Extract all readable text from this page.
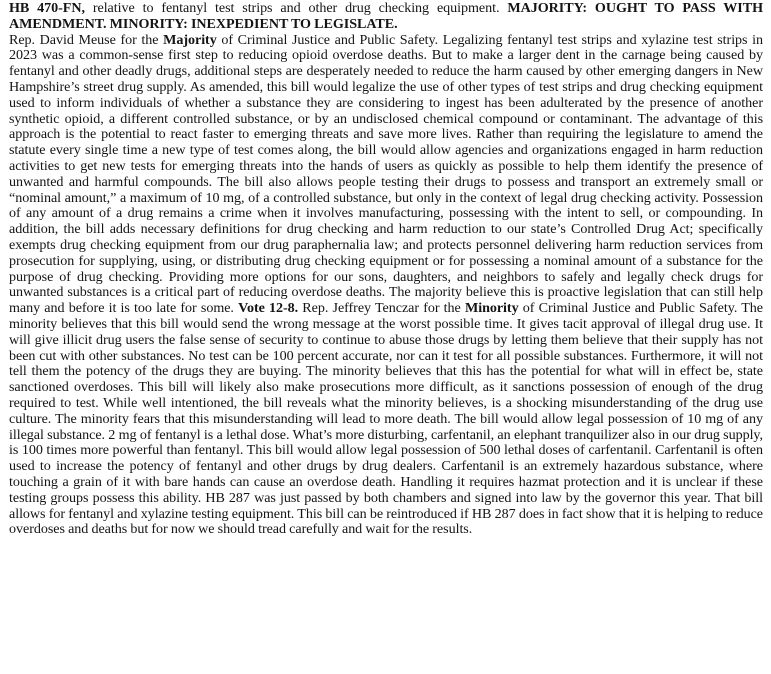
HB 470-FN, relative to fentanyl test strips and other drug checking equipment. MAJORITY: OUGHT TO PASS WITH AMENDMENT. MINORITY: INEXPEDIENT TO LEGISLATE.
Rep. David Meuse for the Majority of Criminal Justice and Public Safety. Legalizing fentanyl test strips and xylazine test strips in 2023 was a common-sense first step to reducing opioid overdose deaths. But to make a larger dent in the carnage being caused by fentanyl and other deadly drugs, additional steps are desperately needed to reduce the harm caused by other emerging dangers in New Hampshire’s street drug supply. As amended, this bill would legalize the use of other types of test strips and drug checking equipment used to inform individuals of whether a substance they are considering to ingest has been adulterated by the presence of another synthetic opioid, a different controlled substance, or by an undisclosed chemical compound or contaminant. The advantage of this approach is the potential to react faster to emerging threats and save more lives. Rather than requiring the legislature to amend the statute every single time a new type of test comes along, the bill would allow agencies and organizations engaged in harm reduction activities to get new tests for emerging threats into the hands of users as quickly as possible to help them identify the presence of unwanted and harmful compounds. The bill also allows people testing their drugs to possess and transport an extremely small or “nominal amount,” a maximum of 10 mg, of a controlled substance, but only in the context of legal drug checking activity. Possession of any amount of a drug remains a crime when it involves manufacturing, possessing with the intent to sell, or compounding. In addition, the bill adds necessary definitions for drug checking and harm reduction to our state’s Controlled Drug Act; specifically exempts drug checking equipment from our drug paraphernalia law; and protects personnel delivering harm reduction services from prosecution for supplying, using, or distributing drug checking equipment or for possessing a nominal amount of a substance for the purpose of drug checking. Providing more options for our sons, daughters, and neighbors to safely and legally check drugs for unwanted substances is a critical part of reducing overdose deaths. The majority believe this is proactive legislation that can still help many and before it is too late for some. Vote 12-8. Rep. Jeffrey Tenczar for the Minority of Criminal Justice and Public Safety. The minority believes that this bill would send the wrong message at the worst possible time. It gives tacit approval of illegal drug use. It will give illicit drug users the false sense of security to continue to abuse those drugs by letting them believe that their supply has not been cut with other substances. No test can be 100 percent accurate, nor can it test for all possible substances. Furthermore, it will not tell them the potency of the drugs they are buying. The minority believes that this has the potential for what will in effect be, state sanctioned overdoses. This bill will likely also make prosecutions more difficult, as it sanctions possession of enough of the drug required to test. While well intentioned, the bill reveals what the minority believes, is a shocking misunderstanding of the drug use culture. The minority fears that this misunderstanding will lead to more death. The bill would allow legal possession of 10 mg of any illegal substance. 2 mg of fentanyl is a lethal dose. What’s more disturbing, carfentanil, an elephant tranquilizer also in our drug supply, is 100 times more powerful than fentanyl. This bill would allow legal possession of 500 lethal doses of carfentanil. Carfentanil is often used to increase the potency of fentanyl and other drugs by drug dealers. Carfentanil is an extremely hazardous substance, where touching a grain of it with bare hands can cause an overdose death. Handling it requires hazmat protection and it is unclear if these testing groups possess this ability. HB 287 was just passed by both chambers and signed into law by the governor this year. That bill allows for fentanyl and xylazine testing equipment. This bill can be reintroduced if HB 287 does in fact show that it is helping to reduce overdoses and deaths but for now we should tread carefully and wait for the results.
